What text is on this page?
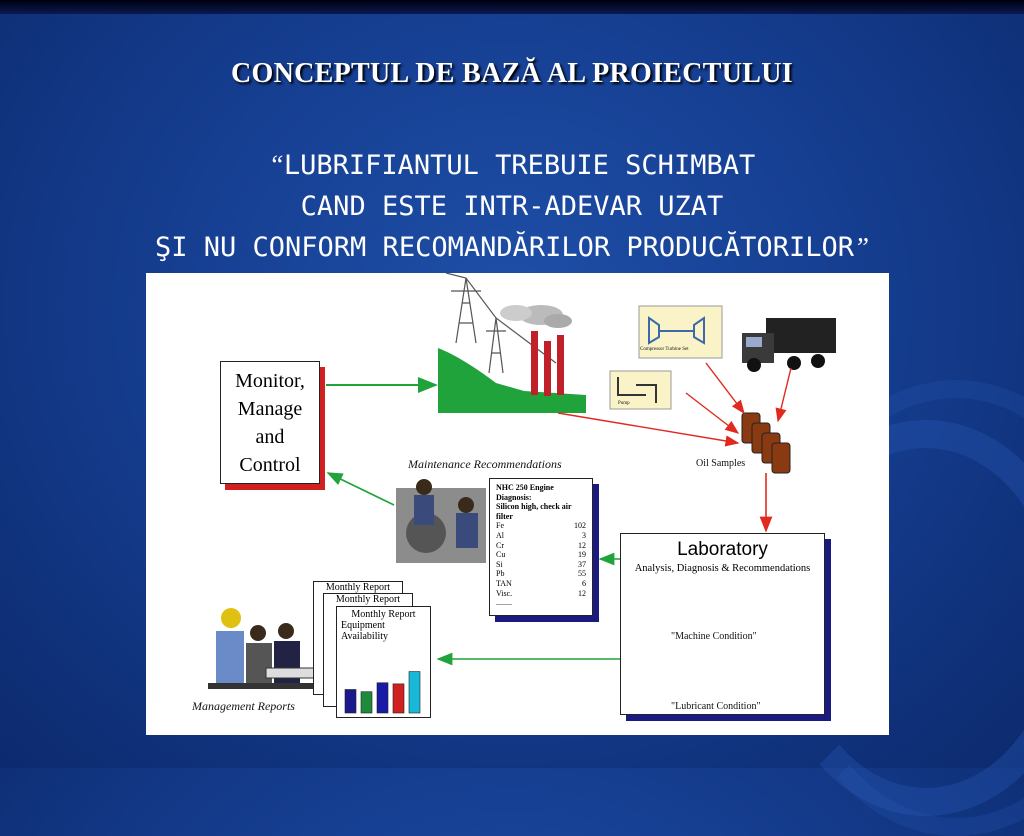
CONCEPTUL DE BAZĂ AL PROIECTULUI
“LUBRIFIANTUL TREBUIE SCHIMBAT
CAND ESTE INTR-ADEVAR UZAT
ŞI NU CONFORM RECOMANDĂRILOR PRODUCĂTORILOR”
Monitor,
Manage
and
Control
Compressor Turbine Set
Pump
Oil Samples
Maintenance Recommendations
NHC 250 Engine
Diagnosis:
Silicon high, check air filter
Fe	102
Al	3
Cr	12
Cu	19
Si	37
Pb	55
TAN	6
Visc.	12
........
Laboratory
Analysis, Diagnosis & Recommendations
"Machine Condition"
"Lubricant Condition"
Monthly Report
Monthly Report
Monthly Report
Equipment
Availability
Management Reports
